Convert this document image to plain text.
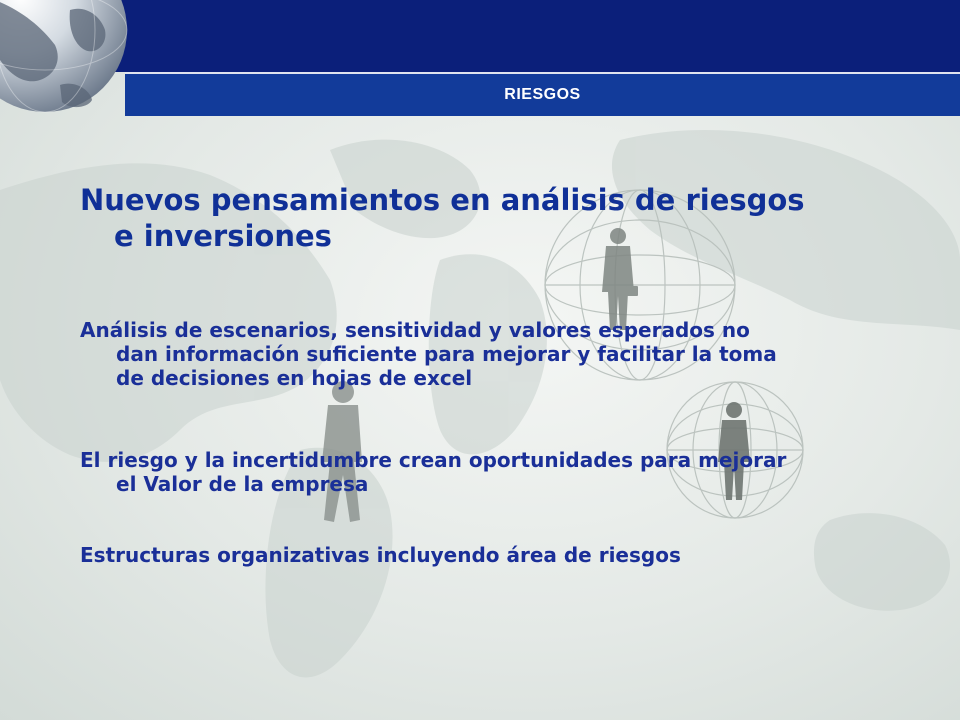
RIESGOS
Nuevos pensamientos en análisis de riesgos
e inversiones

Análisis de escenarios, sensitividad y valores esperados no
dan información suficiente para mejorar y facilitar la toma
de decisiones en hojas de excel

El riesgo y la incertidumbre crean oportunidades para mejorar
el Valor de la empresa

Estructuras organizativas incluyendo área de riesgos
